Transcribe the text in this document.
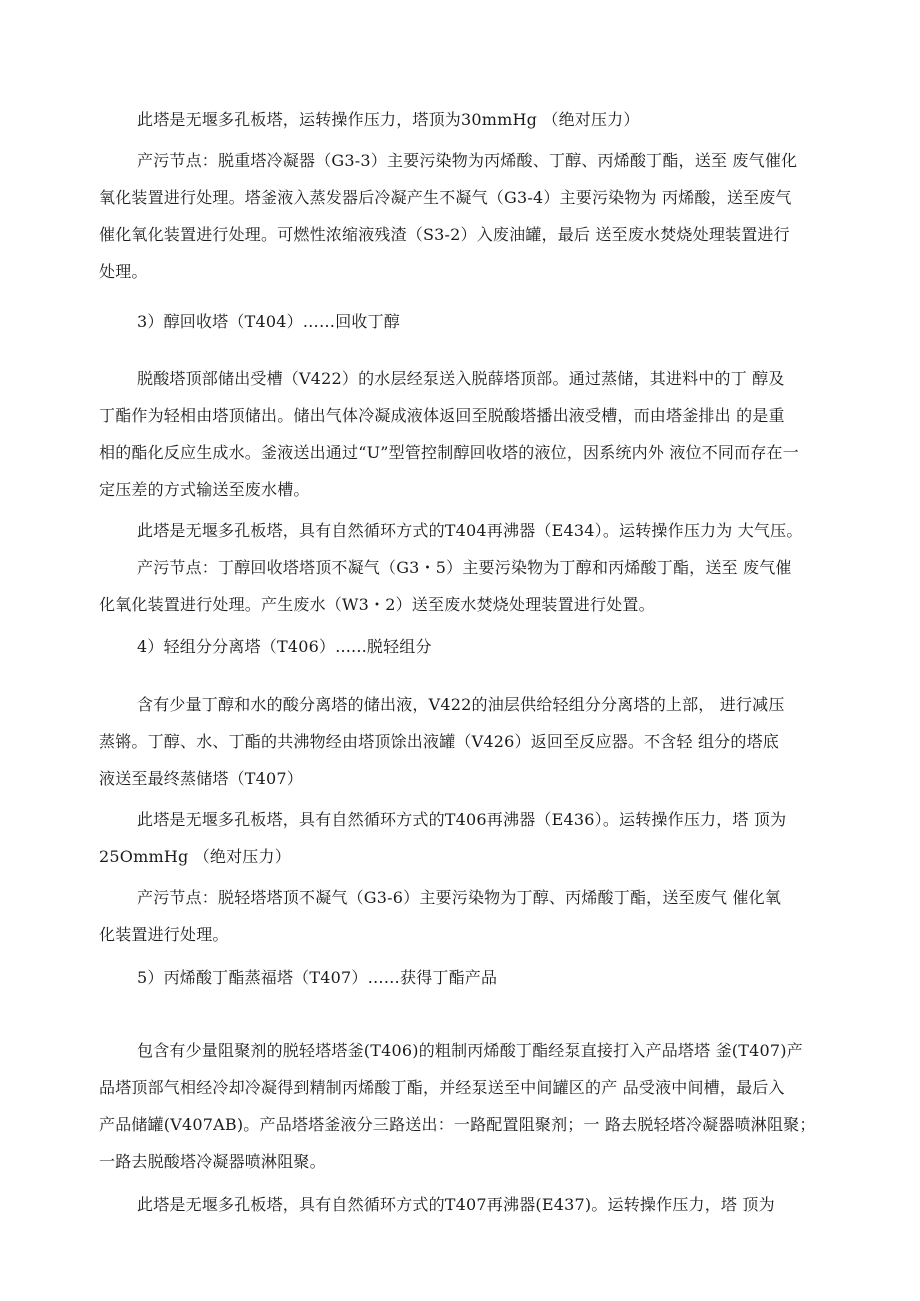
此塔是无堰多孔板塔，运转操作压力，塔顶为30mmHg （绝对压力）
产污节点：脱重塔冷凝器（G3-3）主要污染物为丙烯酸、丁醇、丙烯酸丁酯，送至 废气催化
氧化装置进行处理。塔釜液入蒸发器后冷凝产生不凝气（G3-4）主要污染物为 丙烯酸，送至废气
催化氧化装置进行处理。可燃性浓缩液残渣（S3-2）入废油罐，最后 送至废水焚烧处理装置进行
处理。
3）醇回收塔（T404）……回收丁醇
脱酸塔顶部储出受槽（V422）的水层经泵送入脱薛塔顶部。通过蒸储，其进料中的丁 醇及
丁酯作为轻相由塔顶储出。储出气体冷凝成液体返回至脱酸塔播出液受槽，而由塔釜排出 的是重
相的酯化反应生成水。釜液送出通过“U”型管控制醇回收塔的液位，因系统内外 液位不同而存在一
定压差的方式输送至废水槽。
此塔是无堰多孔板塔，具有自然循环方式的T404再沸器（E434）。运转操作压力为 大气压。
产污节点：丁醇回收塔塔顶不凝气（G3・5）主要污染物为丁醇和丙烯酸丁酯，送至 废气催
化氧化装置进行处理。产生废水（W3・2）送至废水焚烧处理装置进行处置。
4）轻组分分离塔（T406）......脱轻组分
含有少量丁醇和水的酸分离塔的储出液，V422的油层供给轻组分分离塔的上部， 进行减压
蒸锵。丁醇、水、丁酯的共沸物经由塔顶馀出液罐（V426）返回至反应器。不含轻 组分的塔底
液送至最终蒸储塔（T407）
此塔是无堰多孔板塔，具有自然循环方式的T406再沸器（E436）。运转操作压力，塔 顶为
25OmmHg （绝对压力）
产污节点：脱轻塔塔顶不凝气（G3-6）主要污染物为丁醇、丙烯酸丁酯，送至废气 催化氧
化装置进行处理。
5）丙烯酸丁酯蒸福塔（T407）……获得丁酯产品
包含有少量阻聚剂的脱轻塔塔釜(T406)的粗制丙烯酸丁酯经泵直接打入产品塔塔 釜(T407)产
品塔顶部气相经冷却冷凝得到精制丙烯酸丁酯，并经泵送至中间罐区的产 品受液中间槽，最后入
产品储罐(V407AB)。产品塔塔釜液分三路送出：一路配置阻聚剂；一 路去脱轻塔冷凝器喷淋阻聚；
一路去脱酸塔冷凝器喷淋阻聚。
此塔是无堰多孔板塔，具有自然循环方式的T407再沸器(E437)。运转操作压力，塔 顶为
